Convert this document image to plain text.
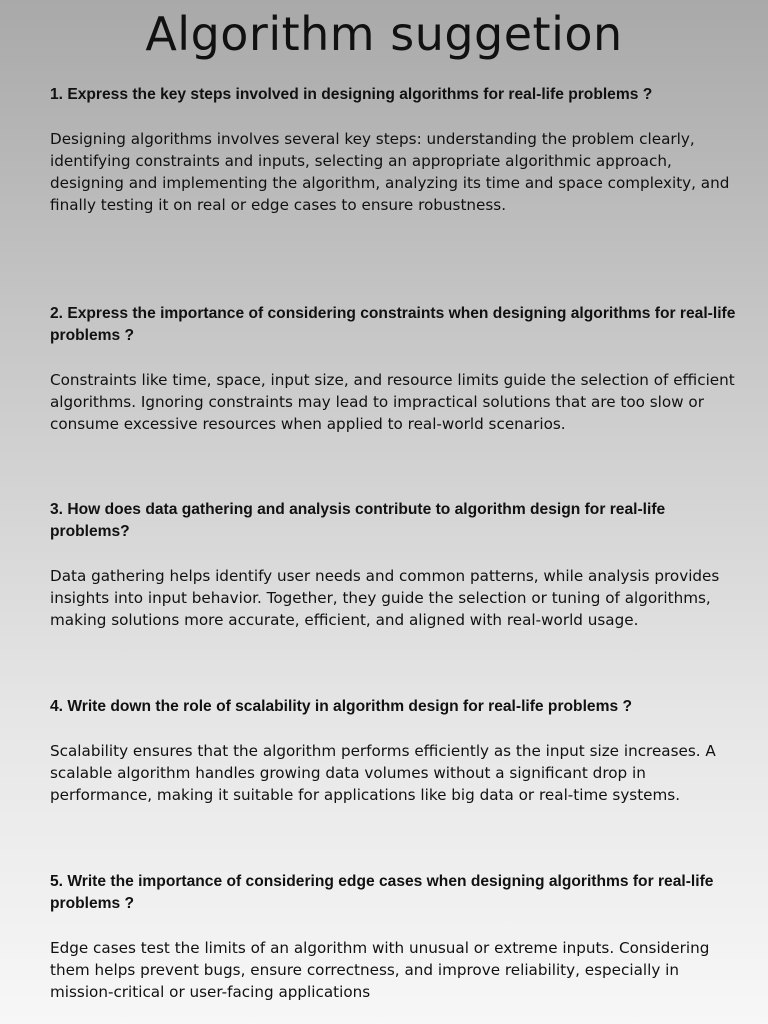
Algorithm suggetion

1. Express the key steps involved in designing algorithms for real-life problems ?

Designing algorithms involves several key steps: understanding the problem clearly, identifying constraints and inputs, selecting an appropriate algorithmic approach, designing and implementing the algorithm, analyzing its time and space complexity, and finally testing it on real or edge cases to ensure robustness.

2. Express the importance of considering constraints when designing algorithms for real-life problems ?

Constraints like time, space, input size, and resource limits guide the selection of efficient algorithms. Ignoring constraints may lead to impractical solutions that are too slow or consume excessive resources when applied to real-world scenarios.

3. How does data gathering and analysis contribute to algorithm design for real-life problems?

Data gathering helps identify user needs and common patterns, while analysis provides insights into input behavior. Together, they guide the selection or tuning of algorithms, making solutions more accurate, efficient, and aligned with real-world usage.

4. Write down the role of scalability in algorithm design for real-life problems ?

Scalability ensures that the algorithm performs efficiently as the input size increases. A scalable algorithm handles growing data volumes without a significant drop in performance, making it suitable for applications like big data or real-time systems.

5. Write the importance of considering edge cases when designing algorithms for real-life problems ?

Edge cases test the limits of an algorithm with unusual or extreme inputs. Considering them helps prevent bugs, ensure correctness, and improve reliability, especially in mission-critical or user-facing applications
